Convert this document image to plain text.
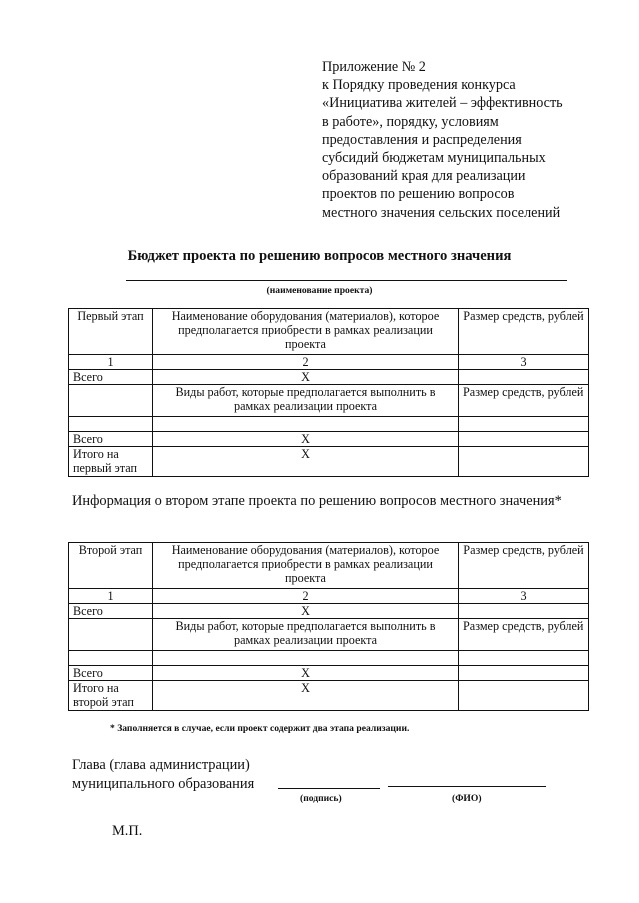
Приложение № 2
к Порядку проведения конкурса
«Инициатива жителей – эффективность
в работе», порядку, условиям
предоставления и распределения
субсидий бюджетам муниципальных
образований края для реализации
проектов по решению вопросов
местного значения сельских поселений
Бюджет проекта по решению вопросов местного значения
(наименование проекта)
Первый этап	Наименование оборудования (материалов), которое предполагается приобрести в рамках реализации проекта	Размер средств, рублей
1	2	3
Всего	X	
	Виды работ, которые предполагается выполнить в рамках реализации проекта	Размер средств, рублей

Всего	X	
Итого на первый этап	X	
Информация о втором этапе проекта по решению вопросов местного значения*
Второй этап	Наименование оборудования (материалов), которое предполагается приобрести в рамках реализации проекта	Размер средств, рублей
1	2	3
Всего	X	
	Виды работ, которые предполагается выполнить в рамках реализации проекта	Размер средств, рублей

Всего	X	
Итого на второй этап	X	
* Заполняется в случае, если проект содержит два этапа реализации.
Глава (глава администрации)
муниципального образования
(подпись)	(ФИО)
М.П.
